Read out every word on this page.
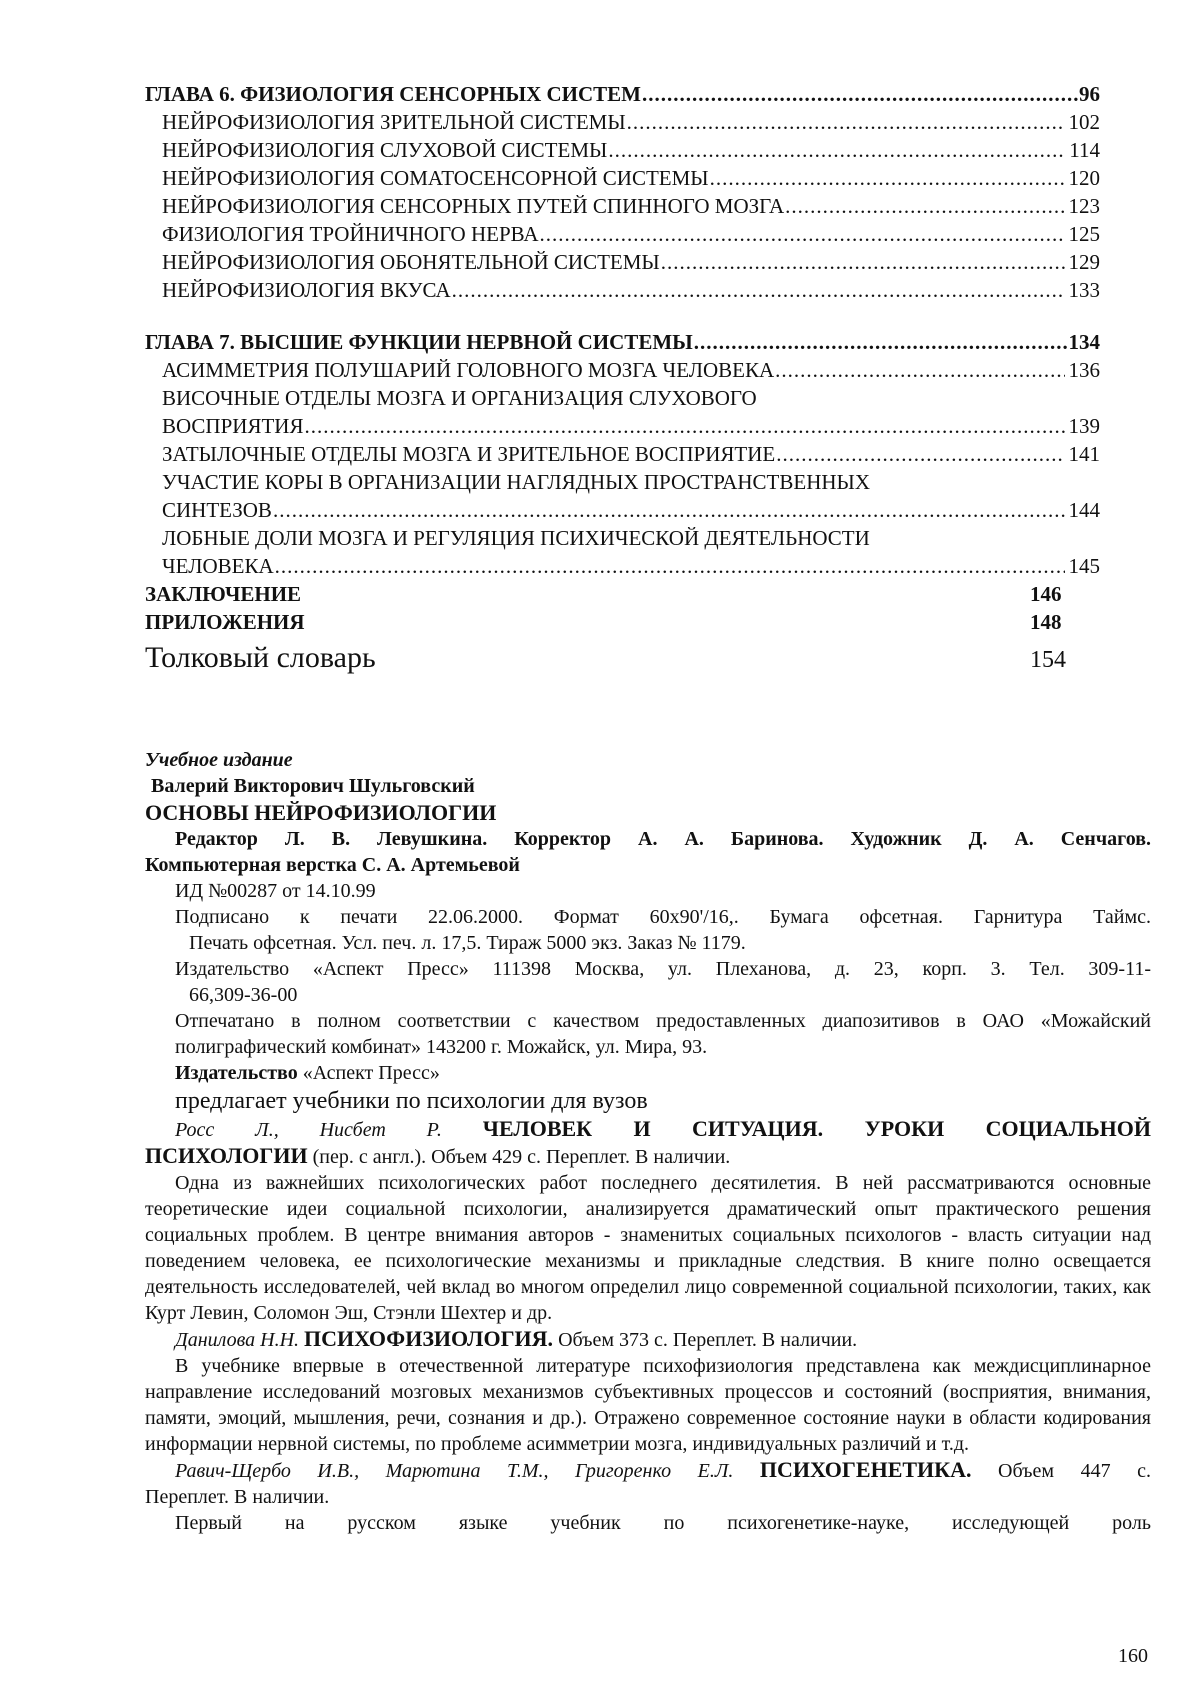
ГЛАВА 6. ФИЗИОЛОГИЯ СЕНСОРНЫХ СИСТЕМ .....	96
НЕЙРОФИЗИОЛОГИЯ ЗРИТЕЛЬНОЙ СИСТЕМЫ .....	102
НЕЙРОФИЗИОЛОГИЯ СЛУХОВОЙ СИСТЕМЫ .....	114
НЕЙРОФИЗИОЛОГИЯ СОМАТОСЕНСОРНОЙ СИСТЕМЫ .....	120
НЕЙРОФИЗИОЛОГИЯ СЕНСОРНЫХ ПУТЕЙ СПИННОГО МОЗГА .....	123
ФИЗИОЛОГИЯ ТРОЙНИЧНОГО НЕРВА .....	125
НЕЙРОФИЗИОЛОГИЯ ОБОНЯТЕЛЬНОЙ СИСТЕМЫ .....	129
НЕЙРОФИЗИОЛОГИЯ ВКУСА .....	133
ГЛАВА 7. ВЫСШИЕ ФУНКЦИИ НЕРВНОЙ СИСТЕМЫ .....	134
АСИММЕТРИЯ ПОЛУШАРИЙ ГОЛОВНОГО МОЗГА ЧЕЛОВЕКА .....	136
ВИСОЧНЫЕ ОТДЕЛЫ МОЗГА И ОРГАНИЗАЦИЯ СЛУХОВОГО
ВОСПРИЯТИЯ .....	139
ЗАТЫЛОЧНЫЕ ОТДЕЛЫ МОЗГА И ЗРИТЕЛЬНОЕ ВОСПРИЯТИЕ .....	141
УЧАСТИЕ КОРЫ В ОРГАНИЗАЦИИ НАГЛЯДНЫХ ПРОСТРАНСТВЕННЫХ
СИНТЕЗОВ .....	144
ЛОБНЫЕ ДОЛИ МОЗГА И РЕГУЛЯЦИЯ ПСИХИЧЕСКОЙ ДЕЯТЕЛЬНОСТИ
ЧЕЛОВЕКА .....	145
ЗАКЛЮЧЕНИЕ	146
ПРИЛОЖЕНИЯ	148
Толковый словарь	154

Учебное издание

Валерий Викторович Шульговский

ОСНОВЫ НЕЙРОФИЗИОЛОГИИ

Редактор Л. В. Левушкина. Корректор А. А. Баринова. Художник Д. А. Сенчагов.

Компьютерная верстка С. А. Артемьевой

ИД №00287 от 14.10.99

Подписано к печати 22.06.2000. Формат 60x90'/16,. Бумага офсетная. Гарнитура Таймс.
Печать офсетная. Усл. печ. л. 17,5. Тираж 5000 экз. Заказ № 1179.
Издательство «Аспект Пресс» 111398 Москва, ул. Плеханова, д. 23, корп. 3. Тел. 309-11-
66,309-36-00

Отпечатано в полном соответствии с качеством предоставленных диапозитивов в ОАО «Можайский полиграфический комбинат» 143200 г. Можайск, ул. Мира, 93.

Издательство «Аспект Пресс»

предлагает учебники по психологии для вузов

Росс Л., Нисбет Р. ЧЕЛОВЕК И СИТУАЦИЯ. УРОКИ СОЦИАЛЬНОЙ

ПСИХОЛОГИИ (пер. с англ.). Объем 429 с. Переплет. В наличии.

Одна из важнейших психологических работ последнего десятилетия. В ней рассматриваются основные теоретические идеи социальной психологии, анализируется драматический опыт практического решения социальных проблем. В центре внимания авторов - знаменитых социальных психологов - власть ситуации над поведением человека, ее психологические механизмы и прикладные следствия. В книге полно освещается деятельность исследователей, чей вклад во многом определил лицо современной социальной психологии, таких, как Курт Левин, Соломон Эш, Стэнли Шехтер и др.

Данилова Н.Н. ПСИХОФИЗИОЛОГИЯ. Объем 373 с. Переплет. В наличии.

В учебнике впервые в отечественной литературе психофизиология представлена как междисциплинарное направление исследований мозговых механизмов субъективных процессов и состояний (восприятия, внимания, памяти, эмоций, мышления, речи, сознания и др.). Отражено современное состояние науки в области кодирования информации нервной системы, по проблеме асимметрии мозга, индивидуальных различий и т.д.

Равич-Щербо И.В., Марютина Т.М., Григоренко Е.Л. ПСИХОГЕНЕТИКА. Объем 447 с.

Переплет. В наличии.

Первый на русском языке учебник по психогенетике-науке, исследующей роль

160
